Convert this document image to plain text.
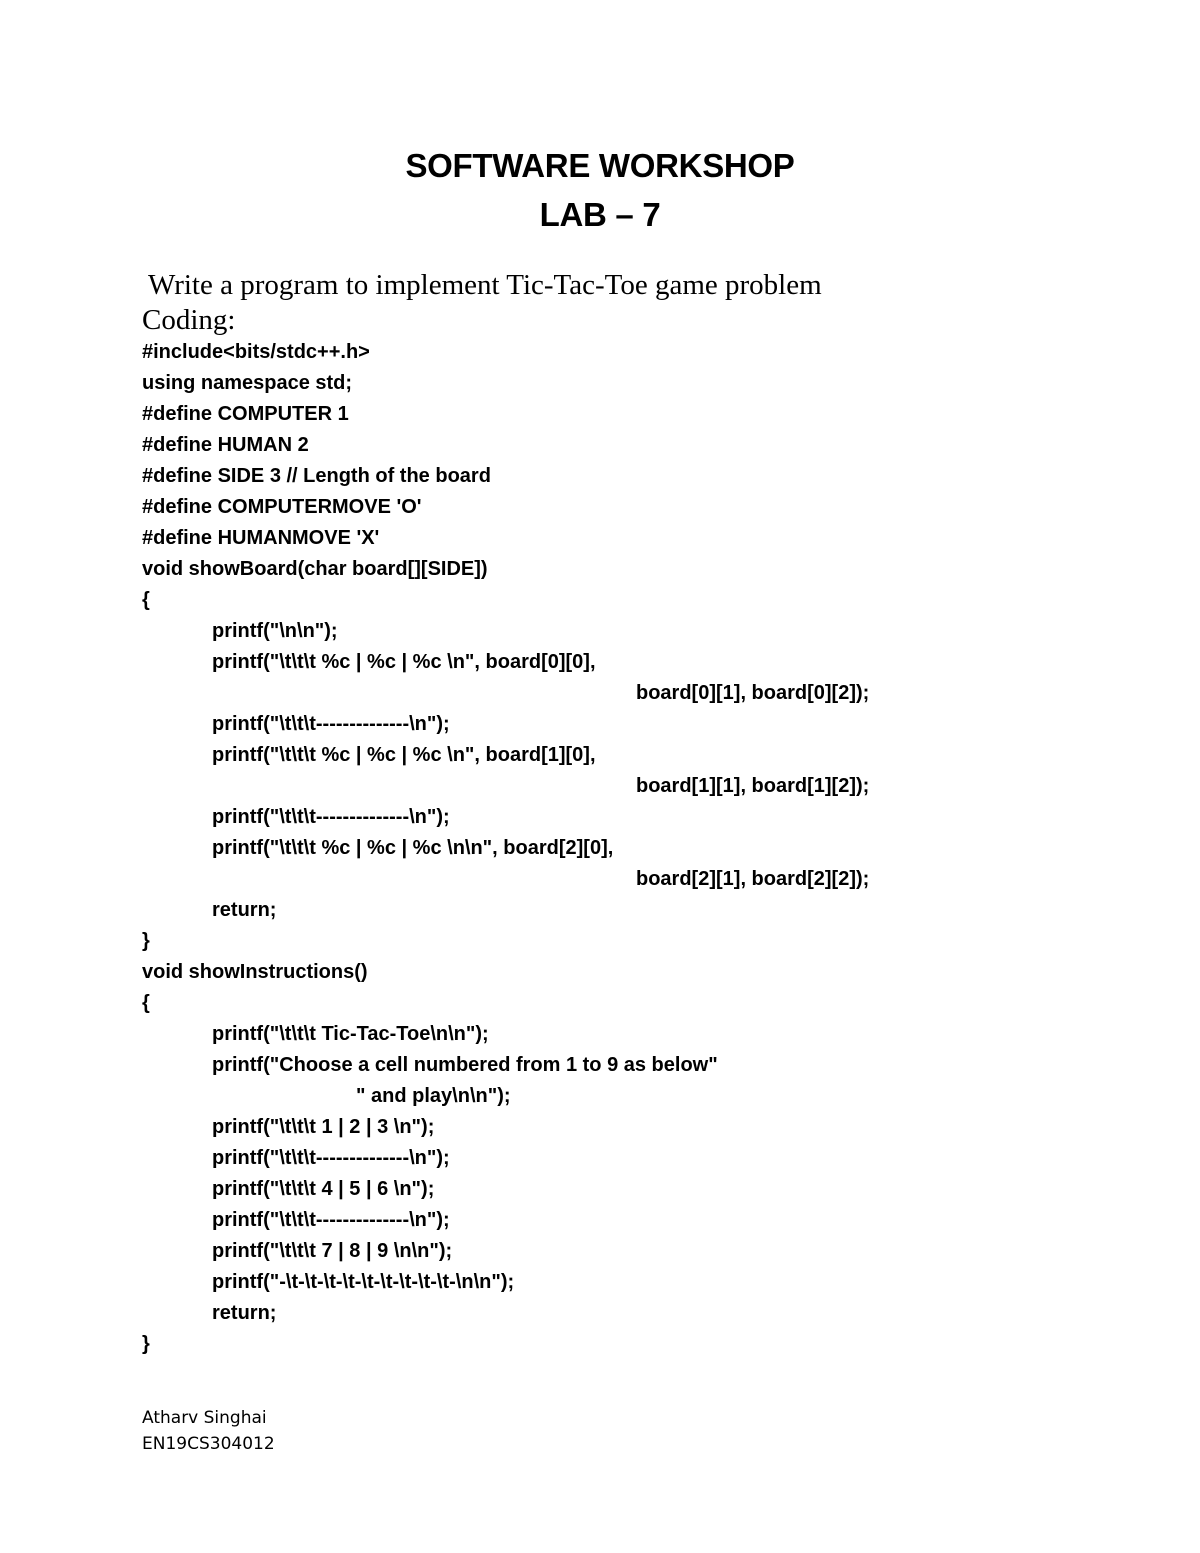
SOFTWARE WORKSHOP
LAB – 7
Write a program to implement Tic-Tac-Toe game problem
Coding:
#include<bits/stdc++.h>
using namespace std;
#define COMPUTER 1
#define HUMAN 2
#define SIDE 3 // Length of the board
#define COMPUTERMOVE 'O'
#define HUMANMOVE 'X'
void showBoard(char board[][SIDE])
{
printf("\n\n");
printf("\t\t\t %c | %c | %c \n", board[0][0],
board[0][1], board[0][2]);
printf("\t\t\t--------------\n");
printf("\t\t\t %c | %c | %c \n", board[1][0],
board[1][1], board[1][2]);
printf("\t\t\t--------------\n");
printf("\t\t\t %c | %c | %c \n\n", board[2][0],
board[2][1], board[2][2]);
return;
}
void showInstructions()
{
printf("\t\t\t Tic-Tac-Toe\n\n");
printf("Choose a cell numbered from 1 to 9 as below"
" and play\n\n");
printf("\t\t\t 1 | 2 | 3 \n");
printf("\t\t\t--------------\n");
printf("\t\t\t 4 | 5 | 6 \n");
printf("\t\t\t--------------\n");
printf("\t\t\t 7 | 8 | 9 \n\n");
printf("-\t-\t-\t-\t-\t-\t-\t-\t-\t-\n\n");
return;
}
Atharv Singhai
EN19CS304012
